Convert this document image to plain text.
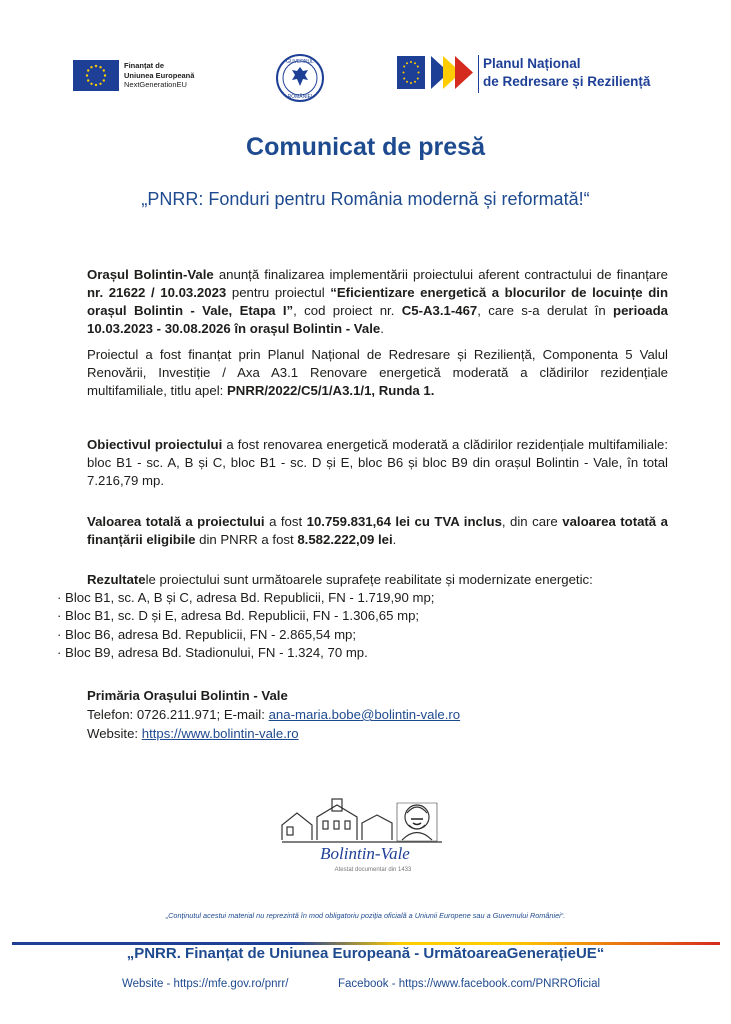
Finanțat de
Uniunea Europeană
NextGenerationEU
GUVERNUL
ROMÂNIEI
Planul Național
de Redresare și Reziliență
Comunicat de presă
„PNRR: Fonduri pentru România modernă și reformată!“
Orașul Bolintin-Vale anunță finalizarea implementării proiectului aferent contractului de finanțare nr. 21622 / 10.03.2023 pentru proiectul “Eficientizare energetică a blocurilor de locuințe din orașul Bolintin - Vale, Etapa I”, cod proiect nr. C5-A3.1-467, care s-a derulat în perioada 10.03.2023 - 30.08.2026 în orașul Bolintin - Vale.
Proiectul a fost finanțat prin Planul Național de Redresare și Reziliență, Componenta 5 Valul Renovării, Investiție / Axa A3.1 Renovare energetică moderată a clădirilor rezidențiale multifamiliale, titlu apel: PNRR/2022/C5/1/A3.1/1, Runda 1.
Obiectivul proiectului a fost renovarea energetică moderată a clădirilor rezidențiale multifamiliale: bloc B1 - sc. A, B și C, bloc B1 - sc. D și E, bloc B6 și bloc B9 din orașul Bolintin - Vale, în total 7.216,79 mp.
Valoarea totală a proiectului a fost 10.759.831,64 lei cu TVA inclus, din care valoarea totată a finanțării eligibile din PNRR a fost 8.582.222,09 lei.
Rezultatele proiectului sunt următoarele suprafețe reabilitate și modernizate energetic:
· Bloc B1, sc. A, B și C, adresa Bd. Republicii, FN - 1.719,90 mp;
· Bloc B1, sc. D și E, adresa Bd. Republicii, FN - 1.306,65 mp;
· Bloc B6, adresa Bd. Republicii, FN - 2.865,54 mp;
· Bloc B9, adresa Bd. Stadionului, FN - 1.324, 70 mp.
Primăria Orașului Bolintin - Vale
Telefon: 0726.211.971; E-mail: ana-maria.bobe@bolintin-vale.ro
Website: https://www.bolintin-vale.ro
Bolintin-Vale
Atestat documentar din 1433
„Conținutul acestui material nu reprezintă în mod obligatoriu poziția oficială a Uniunii Europene sau a Guvernului României“.
„PNRR. Finanțat de Uniunea Europeană - UrmătoareaGenerațieUE“
Website - https://mfe.gov.ro/pnrr/	Facebook - https://www.facebook.com/PNRROficial
